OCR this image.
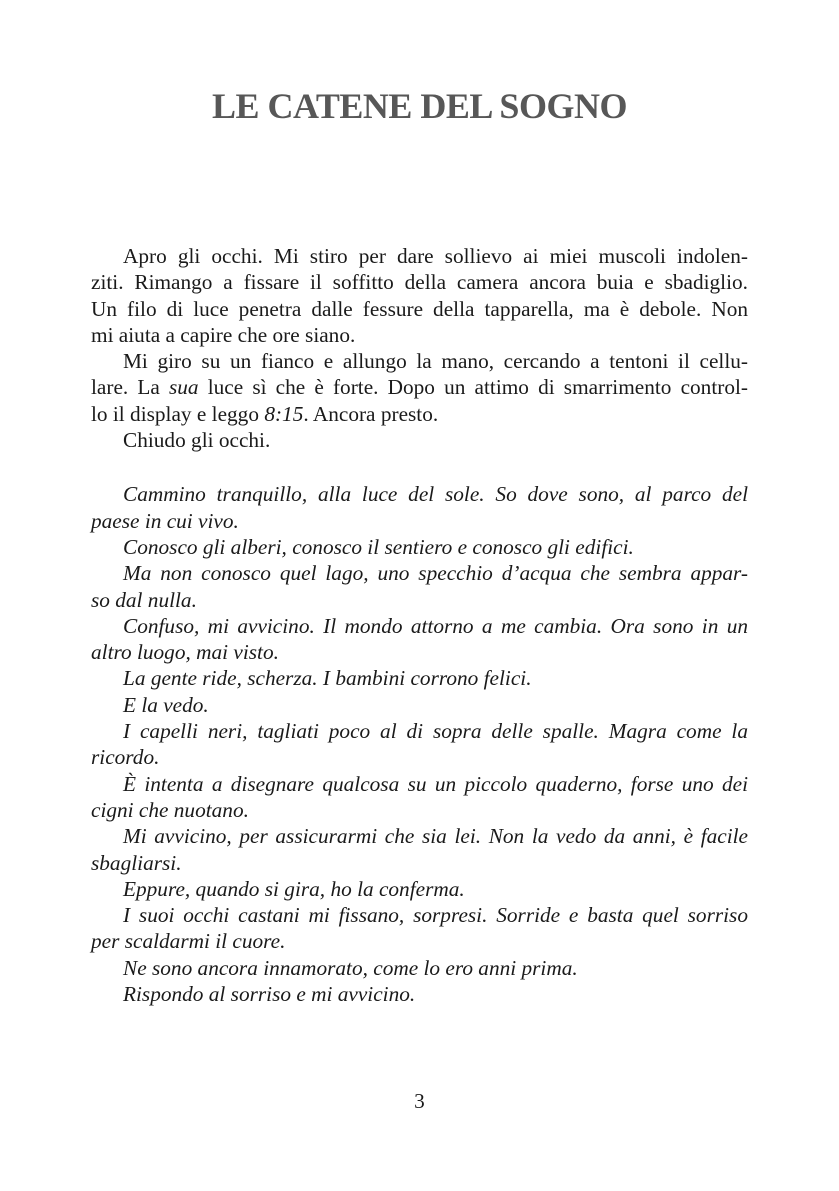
LE CATENE DEL SOGNO
Apro gli occhi. Mi stiro per dare sollievo ai miei muscoli indolen-
ziti. Rimango a fissare il soffitto della camera ancora buia e sbadiglio.
Un filo di luce penetra dalle fessure della tapparella, ma è debole. Non
mi aiuta a capire che ore siano.
Mi giro su un fianco e allungo la mano, cercando a tentoni il cellu-
lare. La sua luce sì che è forte. Dopo un attimo di smarrimento control-
lo il display e leggo 8:15. Ancora presto.
Chiudo gli occhi.
Cammino tranquillo, alla luce del sole. So dove sono, al parco del
paese in cui vivo.
Conosco gli alberi, conosco il sentiero e conosco gli edifici.
Ma non conosco quel lago, uno specchio d’acqua che sembra appar-
so dal nulla.
Confuso, mi avvicino. Il mondo attorno a me cambia. Ora sono in un
altro luogo, mai visto.
La gente ride, scherza. I bambini corrono felici.
E la vedo.
I capelli neri, tagliati poco al di sopra delle spalle. Magra come la
ricordo.
È intenta a disegnare qualcosa su un piccolo quaderno, forse uno dei
cigni che nuotano.
Mi avvicino, per assicurarmi che sia lei. Non la vedo da anni, è facile
sbagliarsi.
Eppure, quando si gira, ho la conferma.
I suoi occhi castani mi fissano, sorpresi. Sorride e basta quel sorriso
per scaldarmi il cuore.
Ne sono ancora innamorato, come lo ero anni prima.
Rispondo al sorriso e mi avvicino.
3
